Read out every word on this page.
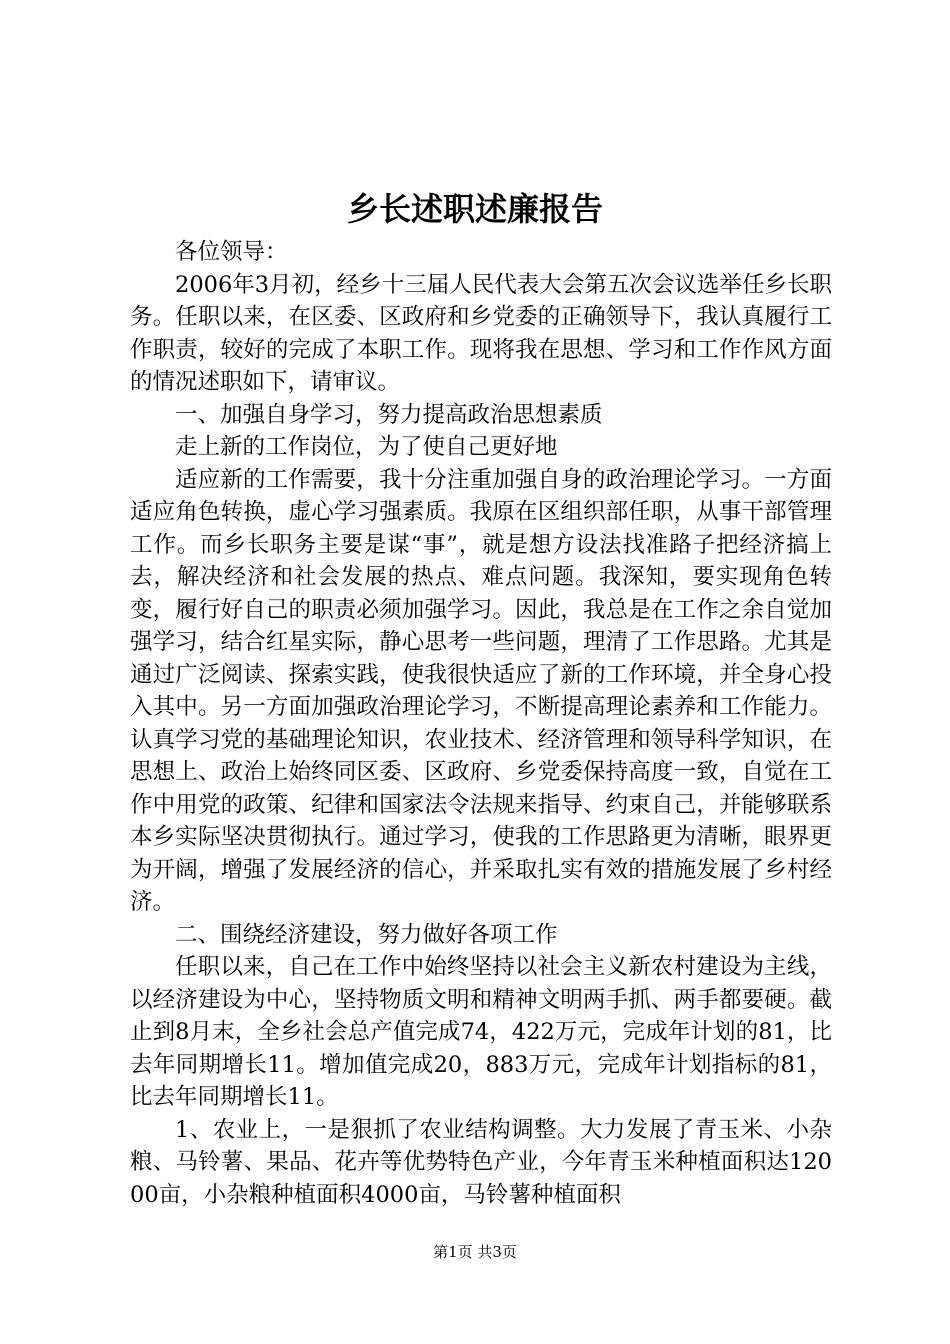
乡长述职述廉报告

各位领导：

2006年3月初，经乡十三届人民代表大会第五次会议选举任乡长职务。任职以来，在区委、区政府和乡党委的正确领导下，我认真履行工作职责，较好的完成了本职工作。现将我在思想、学习和工作作风方面的情况述职如下，请审议。

一、加强自身学习，努力提高政治思想素质

走上新的工作岗位，为了使自己更好地

适应新的工作需要，我十分注重加强自身的政治理论学习。一方面适应角色转换，虚心学习强素质。我原在区组织部任职，从事干部管理工作。而乡长职务主要是谋“事”，就是想方设法找准路子把经济搞上去，解决经济和社会发展的热点、难点问题。我深知，要实现角色转变，履行好自己的职责必须加强学习。因此，我总是在工作之余自觉加强学习，结合红星实际，静心思考一些问题，理清了工作思路。尤其是通过广泛阅读、探索实践，使我很快适应了新的工作环境，并全身心投入其中。另一方面加强政治理论学习，不断提高理论素养和工作能力。认真学习党的基础理论知识，农业技术、经济管理和领导科学知识，在思想上、政治上始终同区委、区政府、乡党委保持高度一致，自觉在工作中用党的政策、纪律和国家法令法规来指导、约束自己，并能够联系本乡实际坚决贯彻执行。通过学习，使我的工作思路更为清晰，眼界更为开阔，增强了发展经济的信心，并采取扎实有效的措施发展了乡村经济。

二、围绕经济建设，努力做好各项工作

任职以来，自己在工作中始终坚持以社会主义新农村建设为主线，以经济建设为中心，坚持物质文明和精神文明两手抓、两手都要硬。截止到8月末，全乡社会总产值完成74，422万元，完成年计划的81，比去年同期增长11。增加值完成20，883万元，完成年计划指标的81，比去年同期增长11。

1、农业上，一是狠抓了农业结构调整。大力发展了青玉米、小杂粮、马铃薯、果品、花卉等优势特色产业，今年青玉米种植面积达12000亩，小杂粮种植面积4000亩，马铃薯种植面积

第1页 共3页
